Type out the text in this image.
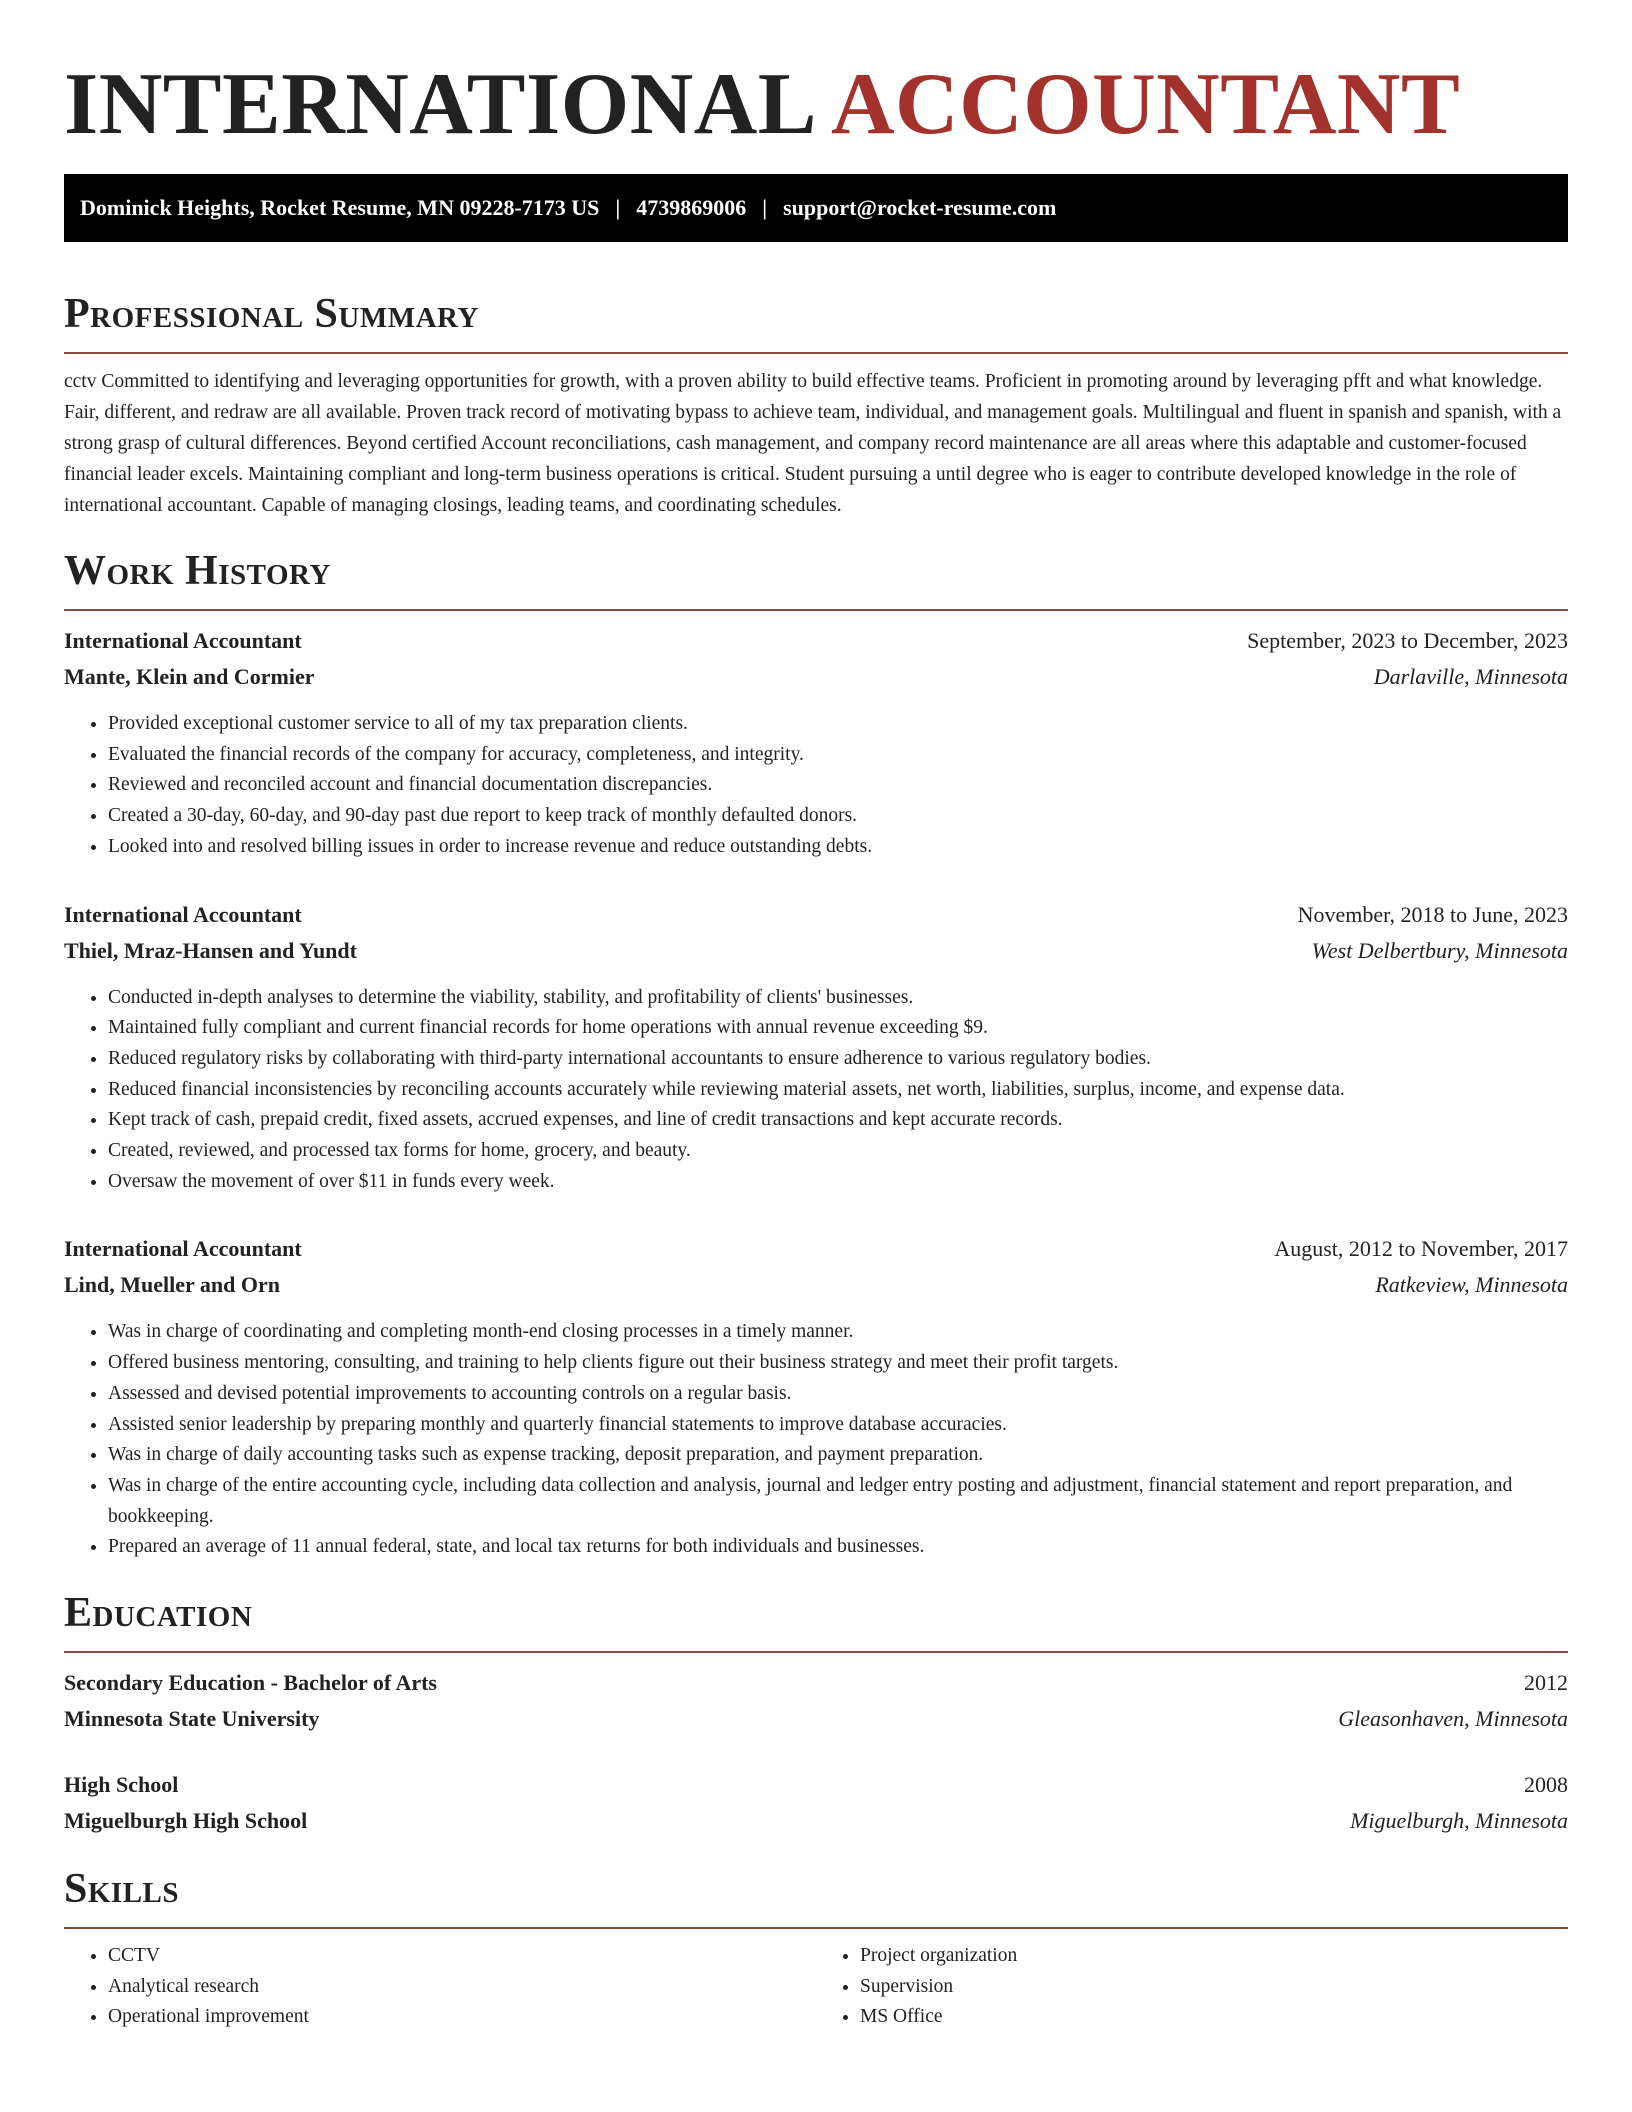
INTERNATIONAL ACCOUNTANT
Dominick Heights, Rocket Resume, MN 09228-7173 US | 4739869006 | support@rocket-resume.com
Professional Summary

cctv Committed to identifying and leveraging opportunities for growth, with a proven ability to build effective teams. Proficient in promoting around by leveraging pfft and what knowledge. Fair, different, and redraw are all available. Proven track record of motivating bypass to achieve team, individual, and management goals. Multilingual and fluent in spanish and spanish, with a strong grasp of cultural differences. Beyond certified Account reconciliations, cash management, and company record maintenance are all areas where this adaptable and customer-focused financial leader excels. Maintaining compliant and long-term business operations is critical. Student pursuing a until degree who is eager to contribute developed knowledge in the role of international accountant. Capable of managing closings, leading teams, and coordinating schedules.

Work History
International Accountant	September, 2023 to December, 2023
Mante, Klein and Cormier	Darlaville, Minnesota
• Provided exceptional customer service to all of my tax preparation clients.
• Evaluated the financial records of the company for accuracy, completeness, and integrity.
• Reviewed and reconciled account and financial documentation discrepancies.
• Created a 30-day, 60-day, and 90-day past due report to keep track of monthly defaulted donors.
• Looked into and resolved billing issues in order to increase revenue and reduce outstanding debts.
International Accountant	November, 2018 to June, 2023
Thiel, Mraz-Hansen and Yundt	West Delbertbury, Minnesota
• Conducted in-depth analyses to determine the viability, stability, and profitability of clients' businesses.
• Maintained fully compliant and current financial records for home operations with annual revenue exceeding $9.
• Reduced regulatory risks by collaborating with third-party international accountants to ensure adherence to various regulatory bodies.
• Reduced financial inconsistencies by reconciling accounts accurately while reviewing material assets, net worth, liabilities, surplus, income, and expense data.
• Kept track of cash, prepaid credit, fixed assets, accrued expenses, and line of credit transactions and kept accurate records.
• Created, reviewed, and processed tax forms for home, grocery, and beauty.
• Oversaw the movement of over $11 in funds every week.
International Accountant	August, 2012 to November, 2017
Lind, Mueller and Orn	Ratkeview, Minnesota
• Was in charge of coordinating and completing month-end closing processes in a timely manner.
• Offered business mentoring, consulting, and training to help clients figure out their business strategy and meet their profit targets.
• Assessed and devised potential improvements to accounting controls on a regular basis.
• Assisted senior leadership by preparing monthly and quarterly financial statements to improve database accuracies.
• Was in charge of daily accounting tasks such as expense tracking, deposit preparation, and payment preparation.
• Was in charge of the entire accounting cycle, including data collection and analysis, journal and ledger entry posting and adjustment, financial statement and report preparation, and bookkeeping.
• Prepared an average of 11 annual federal, state, and local tax returns for both individuals and businesses.
Education
Secondary Education - Bachelor of Arts	2012
Minnesota State University	Gleasonhaven, Minnesota
High School	2008
Miguelburgh High School	Miguelburgh, Minnesota
Skills
• CCTV
• Analytical research
• Operational improvement
• Project organization
• Supervision
• MS Office
